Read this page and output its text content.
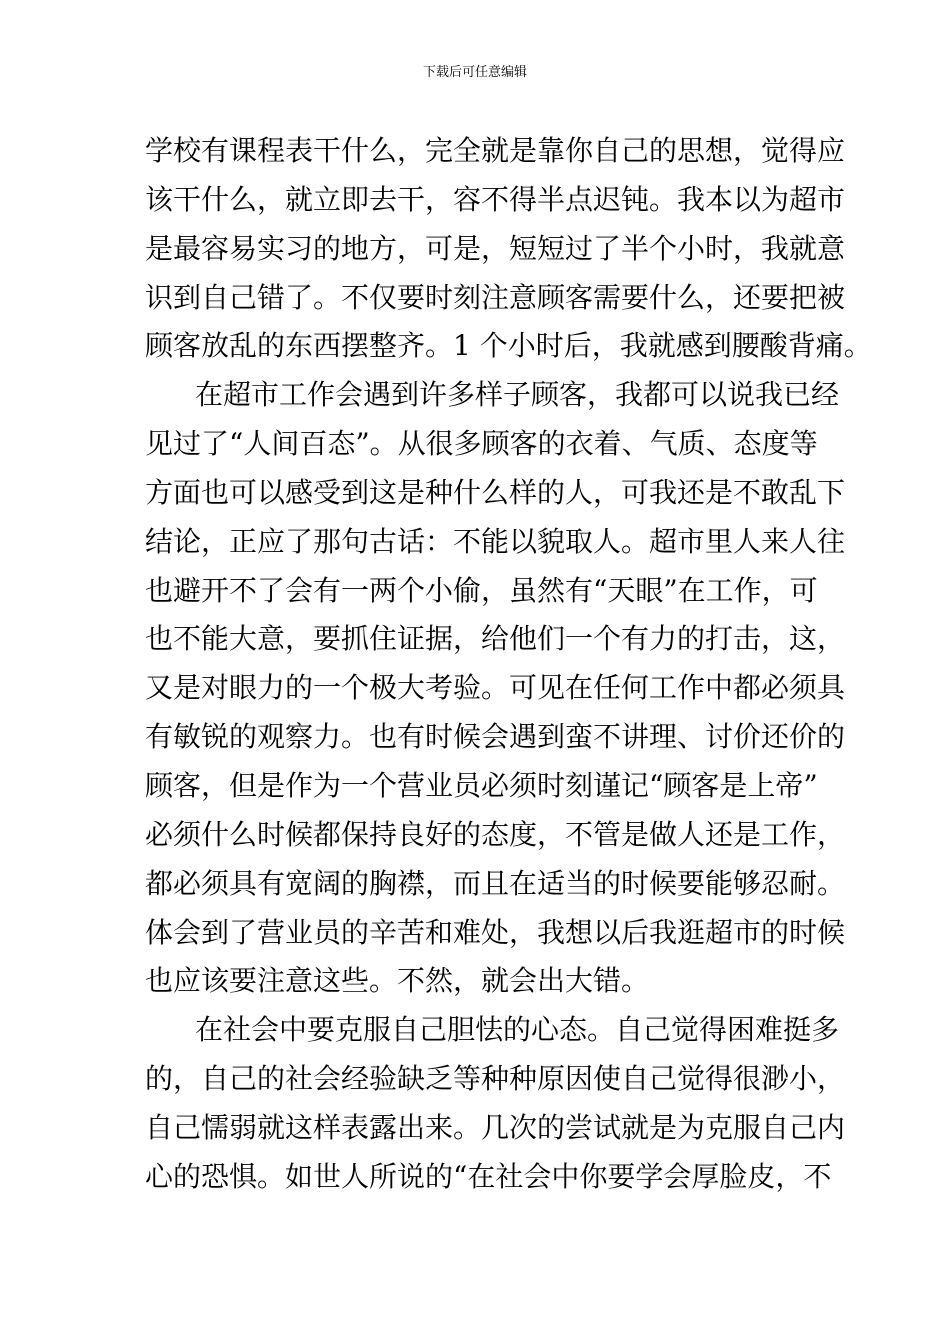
下载后可任意编辑
学校有课程表干什么，完全就是靠你自己的思想，觉得应
该干什么，就立即去干，容不得半点迟钝。我本以为超市
是最容易实习的地方，可是，短短过了半个小时，我就意
识到自己错了。不仅要时刻注意顾客需要什么，还要把被
顾客放乱的东西摆整齐。1 个小时后，我就感到腰酸背痛。
在超市工作会遇到许多样子顾客，我都可以说我已经
见过了“人间百态”。从很多顾客的衣着、气质、态度等
方面也可以感受到这是种什么样的人，可我还是不敢乱下
结论，正应了那句古话：不能以貌取人。超市里人来人往
也避开不了会有一两个小偷，虽然有“天眼”在工作，可
也不能大意，要抓住证据，给他们一个有力的打击，这，
又是对眼力的一个极大考验。可见在任何工作中都必须具
有敏锐的观察力。也有时候会遇到蛮不讲理、讨价还价的
顾客，但是作为一个营业员必须时刻谨记“顾客是上帝”
必须什么时候都保持良好的态度，不管是做人还是工作，
都必须具有宽阔的胸襟，而且在适当的时候要能够忍耐。
体会到了营业员的辛苦和难处，我想以后我逛超市的时候
也应该要注意这些。不然，就会出大错。
在社会中要克服自己胆怯的心态。自己觉得困难挺多
的，自己的社会经验缺乏等种种原因使自己觉得很渺小，
自己懦弱就这样表露出来。几次的尝试就是为克服自己内
心的恐惧。如世人所说的“在社会中你要学会厚脸皮，不
